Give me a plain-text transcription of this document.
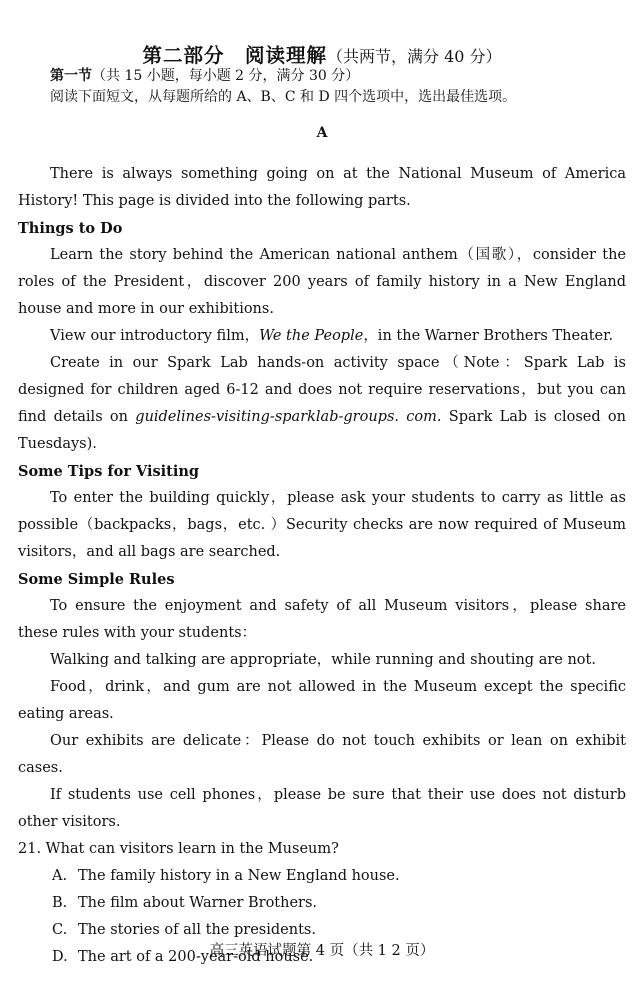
第二部分　阅读理解（共两节，满分 40 分）
第一节（共 15 小题，每小题 2 分，满分 30 分）
阅读下面短文，从每题所给的 A、B、C 和 D 四个选项中，选出最佳选项。
A

There is always something going on at the National Museum of America History! This page is divided into the following parts.

Things to Do

Learn the story behind the American national anthem（国歌），consider the roles of the President，discover 200 years of family history in a New England house and more in our exhibitions.

View our introductory film，We the People，in the Warner Brothers Theater.

Create in our Spark Lab hands-on activity space（Note：Spark Lab is designed for children aged 6-12 and does not require reservations，but you can find details on guidelines-visiting-sparklab-groups. com. Spark Lab is closed on Tuesdays).

Some Tips for Visiting

To enter the building quickly，please ask your students to carry as little as possible（backpacks，bags，etc. ）Security checks are now required of Museum visitors，and all bags are searched.

Some Simple Rules

To ensure the enjoyment and safety of all Museum visitors，please share these rules with your students：

Walking and talking are appropriate，while running and shouting are not.

Food，drink，and gum are not allowed in the Museum except the specific eating areas.

Our exhibits are delicate：Please do not touch exhibits or lean on exhibit cases.

If students use cell phones，please be sure that their use does not disturb other visitors.

21. What can visitors learn in the Museum?

A. The family history in a New England house.

B. The film about Warner Brothers.

C. The stories of all the presidents.

D. The art of a 200-year-old house.

高三英语试题第 4 页（共 1 2 页）
